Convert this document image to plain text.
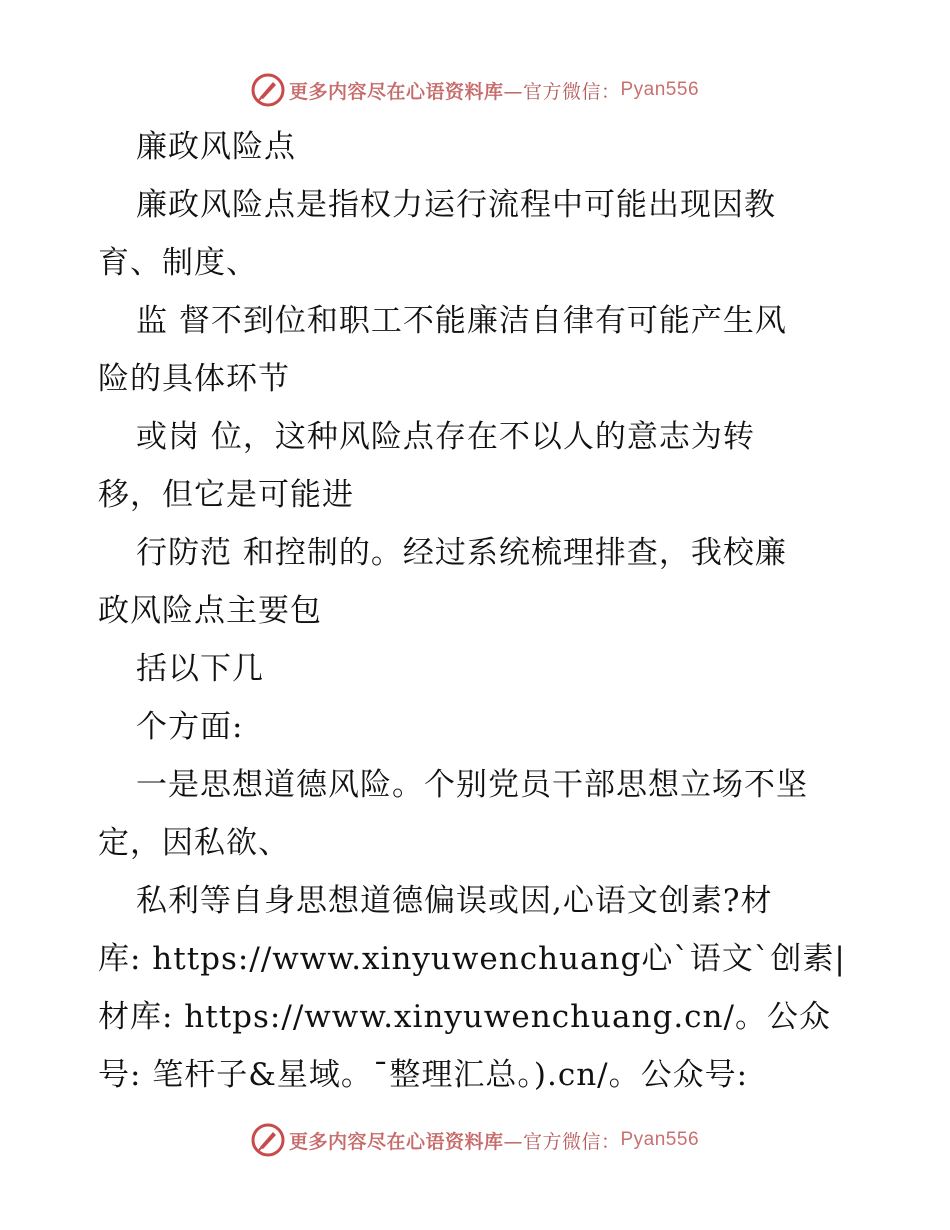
更多内容尽在心语资料库 —官方微信： Pyan556
廉政风险点
廉政风险点是指权力运行流程中可能出现因教
育、制度、
监 督不到位和职工不能廉洁自律有可能产生风
险的具体环节
或岗 位，这种风险点存在不以人的意志为转
移，但它是可能进
行防范 和控制的。经过系统梳理排查，我校廉
政风险点主要包
括以下几
个方面:
一是思想道德风险。个别党员干部思想立场不坚
定，因私欲、
私利等自身思想道德偏误或因,心语文创素?材
库: https://www.xinyuwenchuang心`语文`创素|
材库: https://www.xinyuwenchuang.cn/。公众
号: 笔杆子&星域。¯整理汇总。).cn/。公众号:
更多内容尽在心语资料库 —官方微信： Pyan556
